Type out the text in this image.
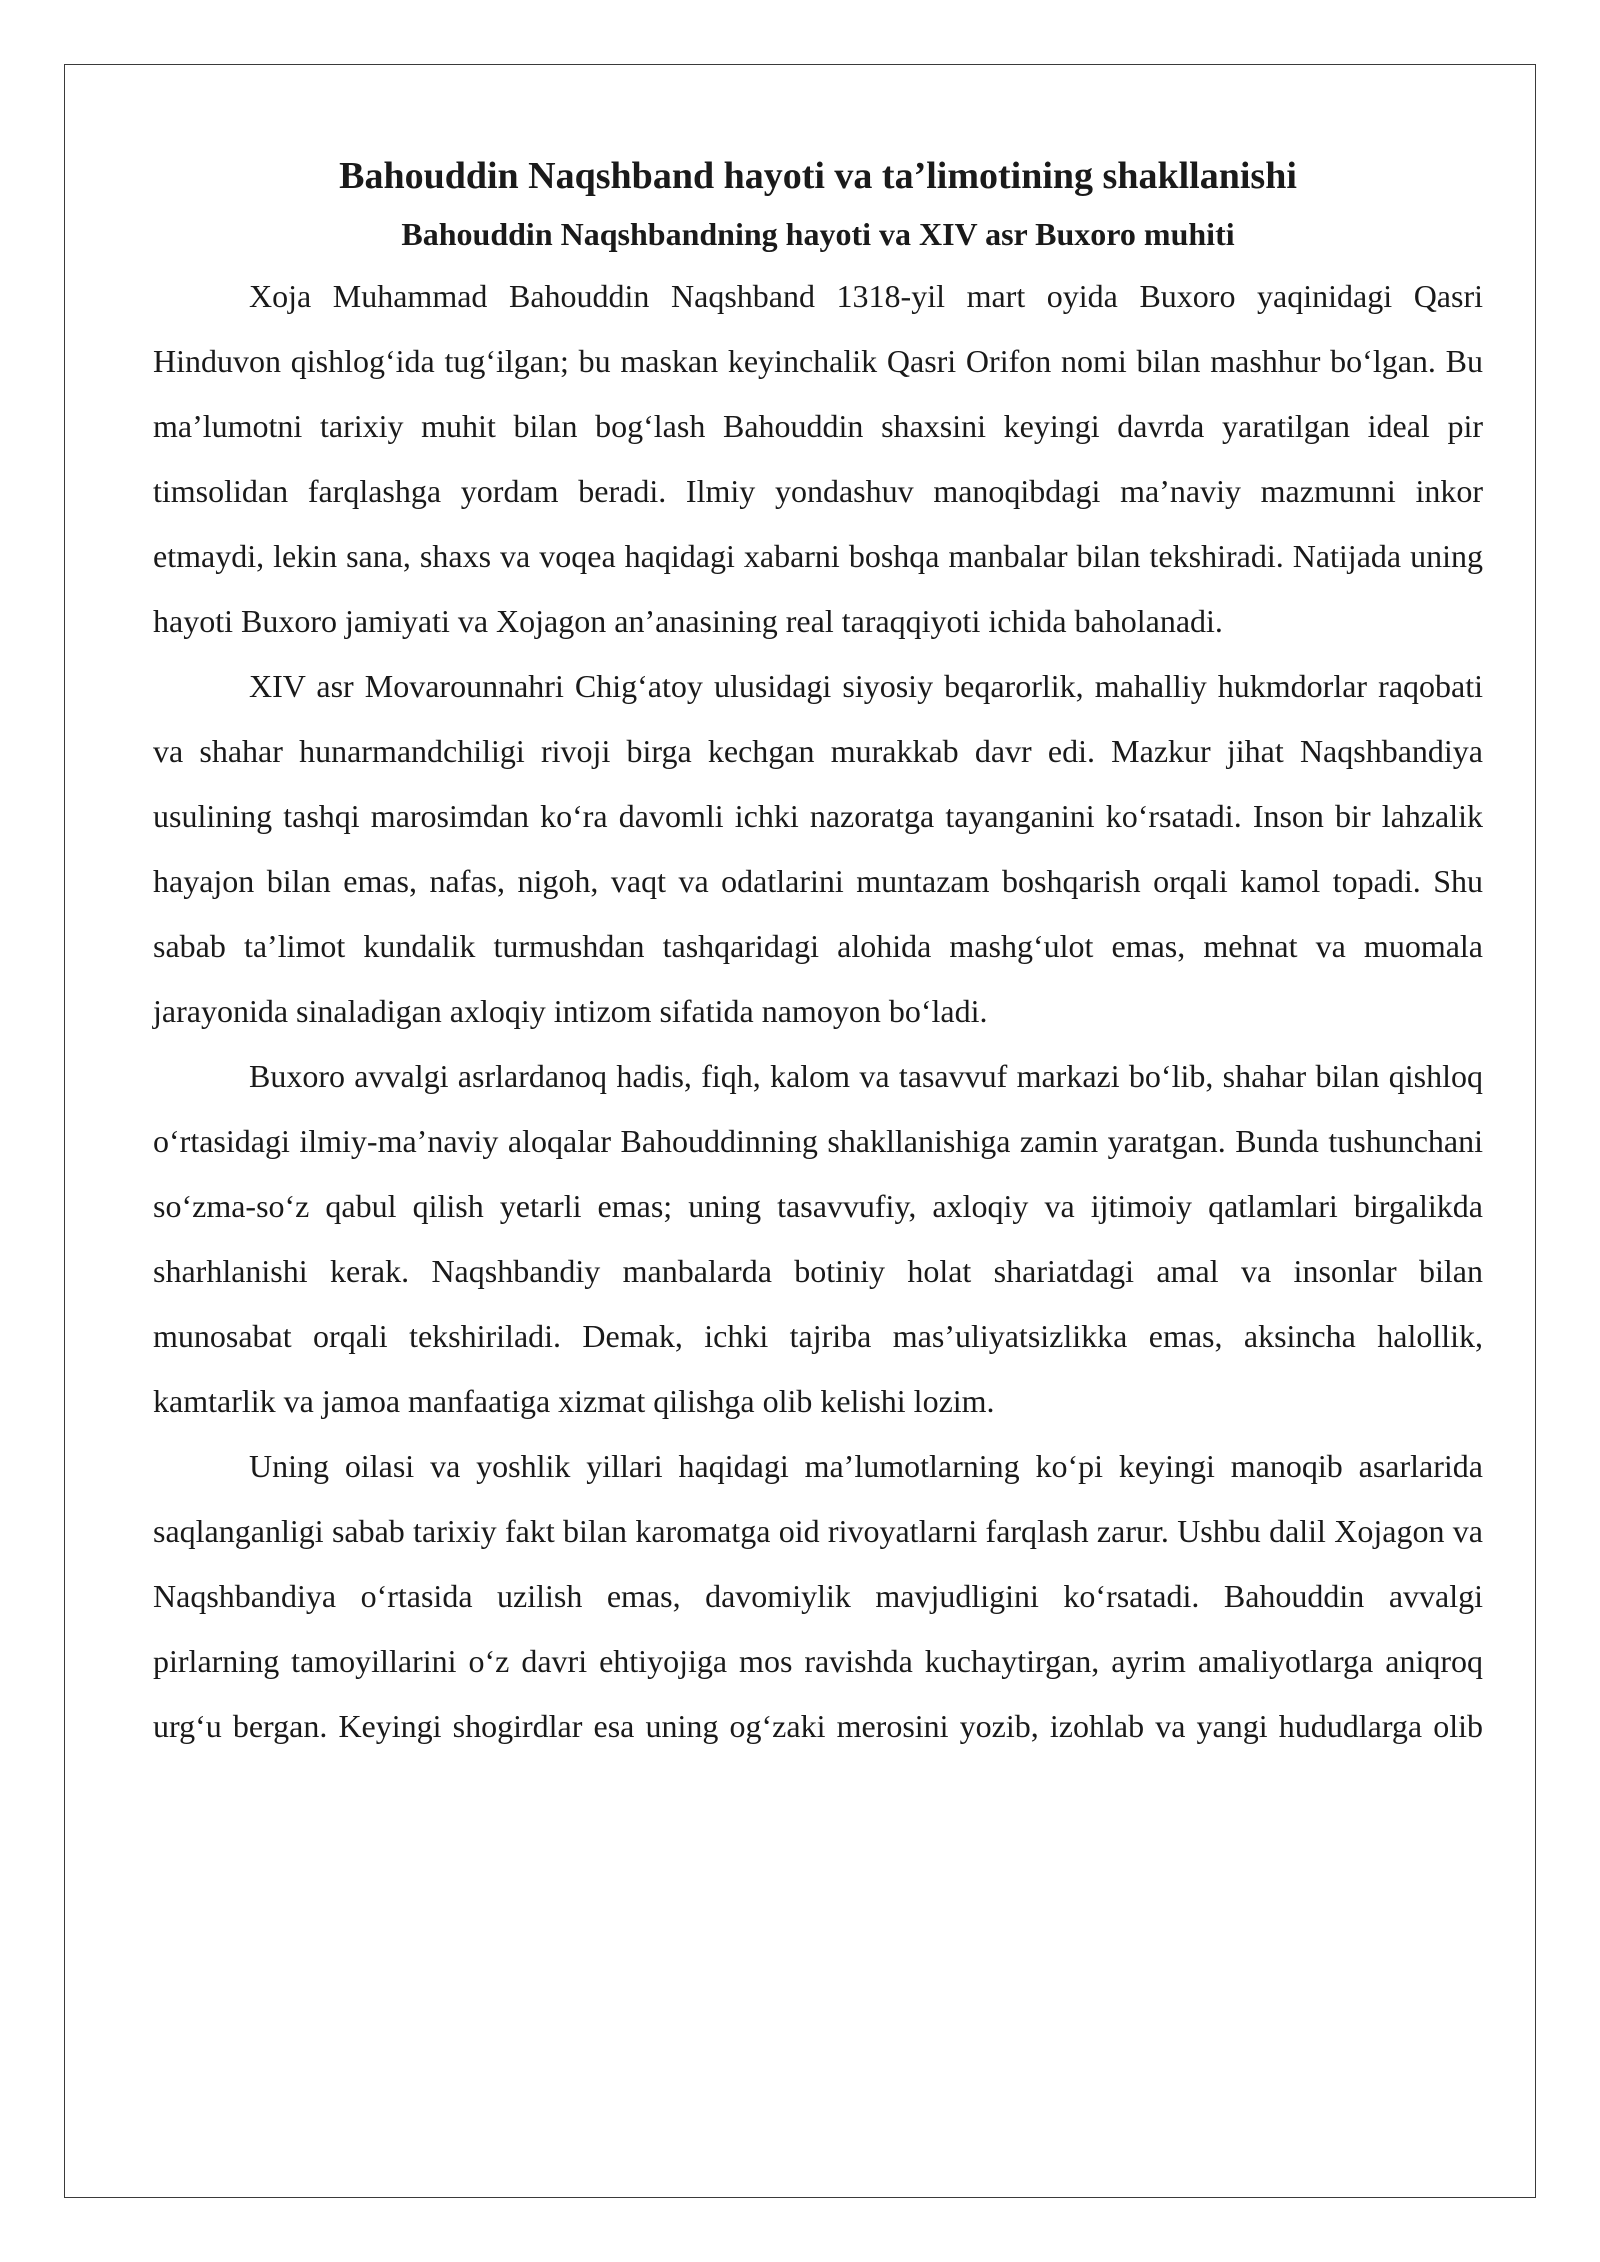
Bahouddin Naqshband hayoti va ta’limotining shakllanishi
Bahouddin Naqshbandning hayoti va XIV asr Buxoro muhiti

Xoja Muhammad Bahouddin Naqshband 1318-yil mart oyida Buxoro yaqinidagi Qasri Hinduvon qishlog‘ida tug‘ilgan; bu maskan keyinchalik Qasri Orifon nomi bilan mashhur bo‘lgan. Bu ma’lumotni tarixiy muhit bilan bog‘lash Bahouddin shaxsini keyingi davrda yaratilgan ideal pir timsolidan farqlashga yordam beradi. Ilmiy yondashuv manoqibdagi ma’naviy mazmunni inkor etmaydi, lekin sana, shaxs va voqea haqidagi xabarni boshqa manbalar bilan tekshiradi. Natijada uning hayoti Buxoro jamiyati va Xojagon an’anasining real taraqqiyoti ichida baholanadi.

XIV asr Movarounnahri Chig‘atoy ulusidagi siyosiy beqarorlik, mahalliy hukmdorlar raqobati va shahar hunarmandchiligi rivoji birga kechgan murakkab davr edi. Mazkur jihat Naqshbandiya usulining tashqi marosimdan ko‘ra davomli ichki nazoratga tayanganini ko‘rsatadi. Inson bir lahzalik hayajon bilan emas, nafas, nigoh, vaqt va odatlarini muntazam boshqarish orqali kamol topadi. Shu sabab ta’limot kundalik turmushdan tashqaridagi alohida mashg‘ulot emas, mehnat va muomala jarayonida sinaladigan axloqiy intizom sifatida namoyon bo‘ladi.

Buxoro avvalgi asrlardanoq hadis, fiqh, kalom va tasavvuf markazi bo‘lib, shahar bilan qishloq o‘rtasidagi ilmiy-ma’naviy aloqalar Bahouddinning shakllanishiga zamin yaratgan. Bunda tushunchani so‘zma-so‘z qabul qilish yetarli emas; uning tasavvufiy, axloqiy va ijtimoiy qatlamlari birgalikda sharhlanishi kerak. Naqshbandiy manbalarda botiniy holat shariatdagi amal va insonlar bilan munosabat orqali tekshiriladi. Demak, ichki tajriba mas’uliyatsizlikka emas, aksincha halollik, kamtarlik va jamoa manfaatiga xizmat qilishga olib kelishi lozim.

Uning oilasi va yoshlik yillari haqidagi ma’lumotlarning ko‘pi keyingi manoqib asarlarida saqlanganligi sabab tarixiy fakt bilan karomatga oid rivoyatlarni farqlash zarur. Ushbu dalil Xojagon va Naqshbandiya o‘rtasida uzilish emas, davomiylik mavjudligini ko‘rsatadi. Bahouddin avvalgi pirlarning tamoyillarini o‘z davri ehtiyojiga mos ravishda kuchaytirgan, ayrim amaliyotlarga aniqroq urg‘u bergan. Keyingi shogirdlar esa uning og‘zaki merosini yozib, izohlab va yangi hududlarga olib
